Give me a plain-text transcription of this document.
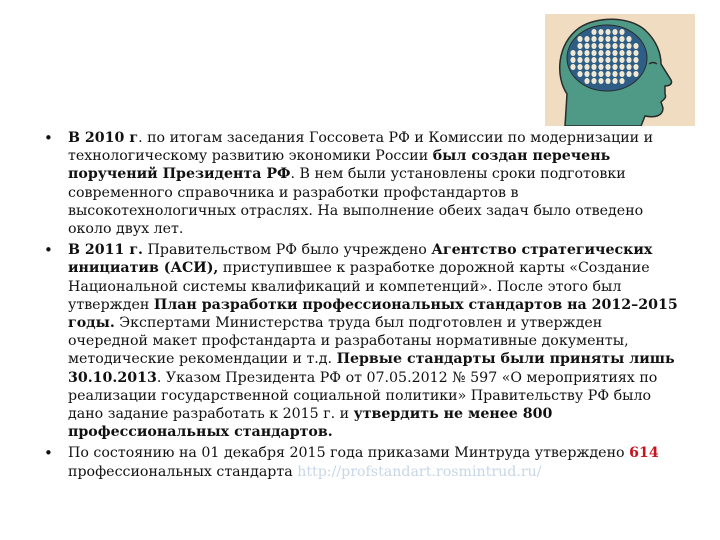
• В 2010 г. по итогам заседания Госсовета РФ и Комиссии по модернизации и технологическому развитию экономики России был создан перечень поручений Президента РФ. В нем были установлены сроки подготовки современного справочника и разработки профстандартов в высокотехнологичных отраслях. На выполнение обеих задач было отведено около двух лет.
• В 2011 г. Правительством РФ было учреждено Агентство стратегических инициатив (АСИ), приступившее к разработке дорожной карты «Создание Национальной системы квалификаций и компетенций». После этого был утвержден План разработки профессиональных стандартов на 2012–2015 годы. Экспертами Министерства труда был подготовлен и утвержден очередной макет профстандарта и разработаны нормативные документы, методические рекомендации и т.д. Первые стандарты были приняты лишь 30.10.2013. Указом Президента РФ от 07.05.2012 № 597 «О мероприятиях по реализации государственной социальной политики» Правительству РФ было дано задание разработать к 2015 г. и утвердить не менее 800 профессиональных стандартов.
• По состоянию на 01 декабря 2015 года приказами Минтруда утверждено 614 профессиональных стандарта http://profstandart.rosmintrud.ru/
